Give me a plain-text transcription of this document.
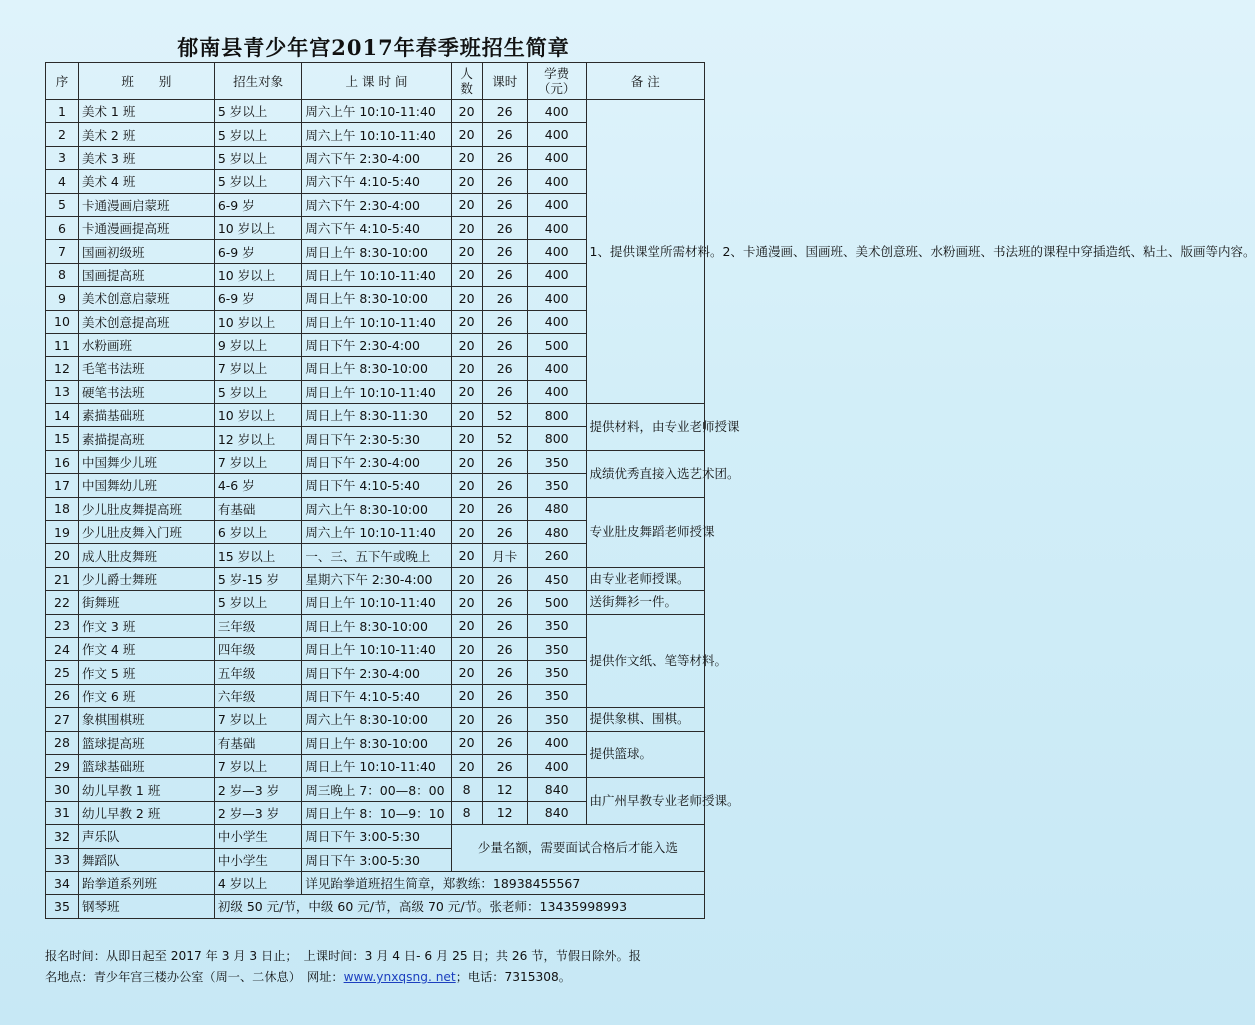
郁南县青少年宫2017年春季班招生简章
序	班　　别	招生对象	上 课 时 间	人数	课时	学费（元）	备 注
1	美术 1 班	5 岁以上	周六上午 10:10-11:40	20	26	400	1、提供课堂所需材料。2、卡通漫画、国画班、美术创意班、水粉画班、书法班的课程中穿插造纸、粘土、版画等内容。
2	美术 2 班	5 岁以上	周六上午 10:10-11:40	20	26	400	
3	美术 3 班	5 岁以上	周六下午 2:30-4:00	20	26	400	
4	美术 4 班	5 岁以上	周六下午 4:10-5:40	20	26	400	
5	卡通漫画启蒙班	6-9 岁	周六下午 2:30-4:00	20	26	400	
6	卡通漫画提高班	10 岁以上	周六下午 4:10-5:40	20	26	400	
7	国画初级班	6-9 岁	周日上午 8:30-10:00	20	26	400	
8	国画提高班	10 岁以上	周日上午 10:10-11:40	20	26	400	
9	美术创意启蒙班	6-9 岁	周日上午 8:30-10:00	20	26	400	
10	美术创意提高班	10 岁以上	周日上午 10:10-11:40	20	26	400	
11	水粉画班	9 岁以上	周日下午 2:30-4:00	20	26	500	
12	毛笔书法班	7 岁以上	周日上午 8:30-10:00	20	26	400	
13	硬笔书法班	5 岁以上	周日上午 10:10-11:40	20	26	400	
14	素描基础班	10 岁以上	周日上午 8:30-11:30	20	52	800	提供材料，由专业老师授课
15	素描提高班	12 岁以上	周日下午 2:30-5:30	20	52	800	
16	中国舞少儿班	7 岁以上	周日下午 2:30-4:00	20	26	350	成绩优秀直接入选艺术团。
17	中国舞幼儿班	4-6 岁	周日下午 4:10-5:40	20	26	350	
18	少儿肚皮舞提高班	有基础	周六上午 8:30-10:00	20	26	480	专业肚皮舞蹈老师授课
19	少儿肚皮舞入门班	6 岁以上	周六上午 10:10-11:40	20	26	480	
20	成人肚皮舞班	15 岁以上	一、三、五下午或晚上	20	月卡	260	
21	少儿爵士舞班	5 岁-15 岁	星期六下午 2:30-4:00	20	26	450	由专业老师授课。
22	街舞班	5 岁以上	周日上午 10:10-11:40	20	26	500	送街舞衫一件。
23	作文 3 班	三年级	周日上午 8:30-10:00	20	26	350	提供作文纸、笔等材料。
24	作文 4 班	四年级	周日上午 10:10-11:40	20	26	350	
25	作文 5 班	五年级	周日下午 2:30-4:00	20	26	350	
26	作文 6 班	六年级	周日下午 4:10-5:40	20	26	350	
27	象棋围棋班	7 岁以上	周六上午 8:30-10:00	20	26	350	提供象棋、围棋。
28	篮球提高班	有基础	周日上午 8:30-10:00	20	26	400	提供篮球。
29	篮球基础班	7 岁以上	周日上午 10:10-11:40	20	26	400	
30	幼儿早教 1 班	2 岁—3 岁	周三晚上 7：00—8：00	8	12	840	由广州早教专业老师授课。
31	幼儿早教 2 班	2 岁—3 岁	周日上午 8：10—9：10	8	12	840	
32	声乐队	中小学生	周日下午 3:00-5:30	少量名额，需要面试合格后才能入选			
33	舞蹈队	中小学生	周日下午 3:00-5:30				
34	跆拳道系列班	4 岁以上	详见跆拳道班招生简章，郑教练：18938455567				
35	钢琴班	初级 50 元/节，中级 60 元/节，高级 70 元/节。张老师：13435998993					
报名时间：从即日起至 2017 年 3 月 3 日止；　上课时间：3 月 4 日- 6 月 25 日；共 26 节，节假日除外。报
名地点：青少年宫三楼办公室（周一、二休息）　网址：www.ynxqsng. net；电话：7315308。
